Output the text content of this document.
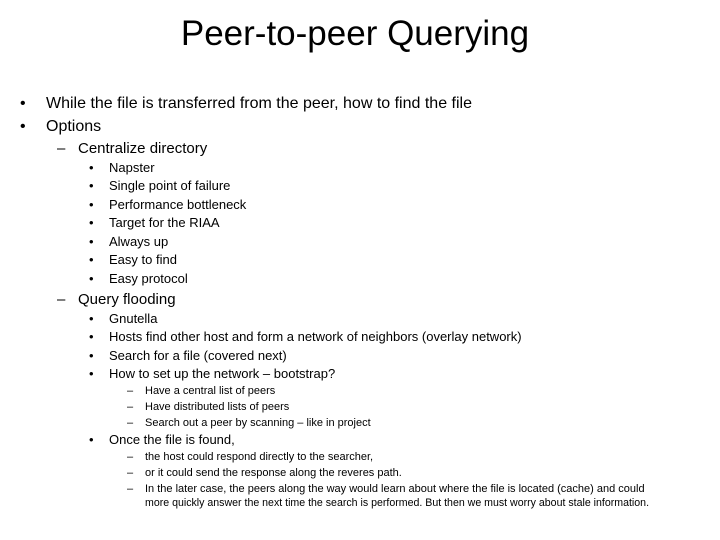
Peer-to-peer Querying
• While the file is transferred from the peer, how to find the file
• Options
– Centralize directory
• Napster
• Single point of failure
• Performance bottleneck
• Target for the RIAA
• Always up
• Easy to find
• Easy protocol
– Query flooding
• Gnutella
• Hosts find other host and form a network of neighbors (overlay network)
• Search for a file (covered next)
• How to set up the network – bootstrap?
– Have a central list of peers
– Have distributed lists of peers
– Search out a peer by scanning – like in project
• Once the file is found,
– the host could respond directly to the searcher,
– or it could send the response along the reveres path.
– In the later case, the peers along the way would learn about where the file is located (cache) and could
more quickly answer the next time the search is performed. But then we must worry about stale information.
